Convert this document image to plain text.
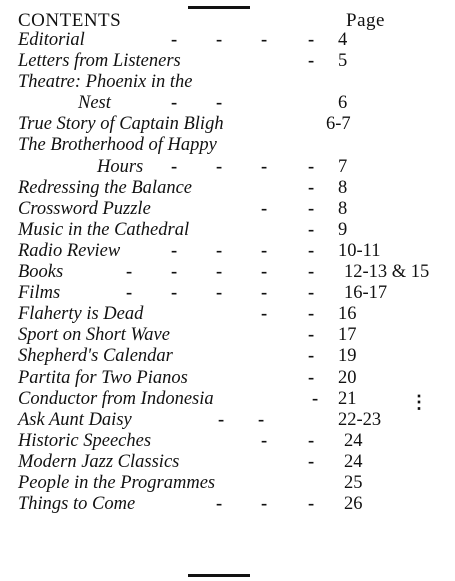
CONTENTS	Page
Editorial	- - - - 4
Letters from Listeners	- 5
Theatre: Phoenix in the
Nest	- -	6
True Story of Captain Bligh	6-7
The Brotherhood of Happy
Hours - - - - 7
Redressing the Balance	- 8
Crossword Puzzle	- - 8
Music in the Cathedral	- 9
Radio Review	- - - - 10-11
Books	- - - - - 12-13 & 15
Films	- - - - - 16-17
Flaherty is Dead	- - 16
Sport on Short Wave	- 17
Shepherd's Calendar	- 19
Partita for Two Pianos	- 20
Conductor from Indonesia	- 21
Ask Aunt Daisy	- -	22-23
Historic Speeches	- - 24
Modern Jazz Classics	- 24
People in the Programmes	25
Things to Come	- - - 26
⋮
